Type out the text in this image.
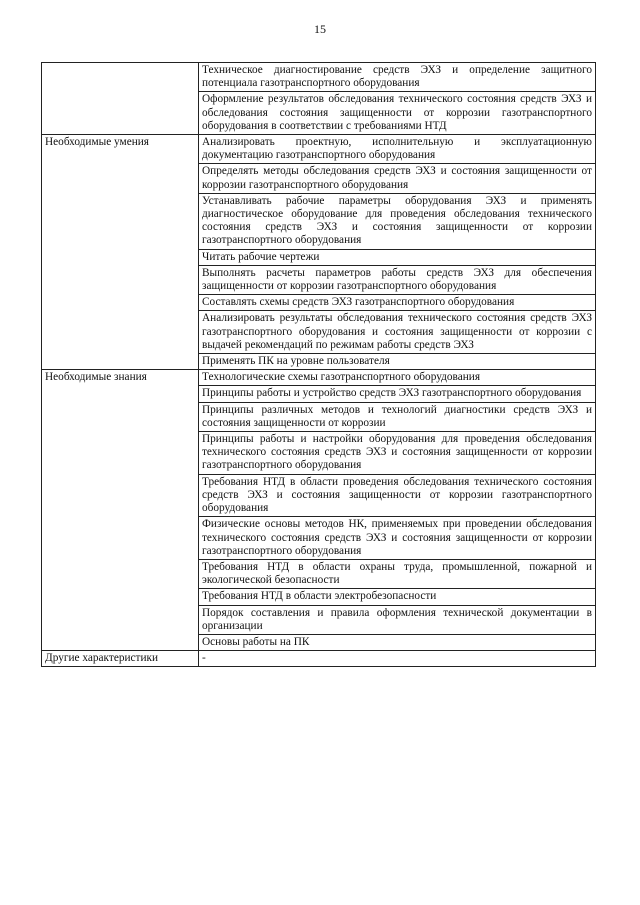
15
	Техническое диагностирование средств ЭХЗ и определение защитного потенциала газотранспортного оборудования
	Оформление результатов обследования технического состояния средств ЭХЗ и обследования состояния защищенности от коррозии газотранспортного оборудования в соответствии с требованиями НТД
Необходимые умения	Анализировать проектную, исполнительную и эксплуатационную документацию газотранспортного оборудования
	Определять методы обследования средств ЭХЗ и состояния защищенности от коррозии газотранспортного оборудования
	Устанавливать рабочие параметры оборудования ЭХЗ и применять диагностическое оборудование для проведения обследования технического состояния средств ЭХЗ и состояния защищенности от коррозии газотранспортного оборудования
	Читать рабочие чертежи
	Выполнять расчеты параметров работы средств ЭХЗ для обеспечения защищенности от коррозии газотранспортного оборудования
	Составлять схемы средств ЭХЗ газотранспортного оборудования
	Анализировать результаты обследования технического состояния средств ЭХЗ газотранспортного оборудования и состояния защищенности от коррозии с выдачей рекомендаций по режимам работы средств ЭХЗ
	Применять ПК на уровне пользователя
Необходимые знания	Технологические схемы газотранспортного оборудования
	Принципы работы и устройство средств ЭХЗ газотранспортного оборудования
	Принципы различных методов и технологий диагностики средств ЭХЗ и состояния защищенности от коррозии
	Принципы работы и настройки оборудования для проведения обследования технического состояния средств ЭХЗ и состояния защищенности от коррозии газотранспортного оборудования
	Требования НТД в области проведения обследования технического состояния средств ЭХЗ и состояния защищенности от коррозии газотранспортного оборудования
	Физические основы методов НК, применяемых при проведении обследования технического состояния средств ЭХЗ и состояния защищенности от коррозии газотранспортного оборудования
	Требования НТД в области охраны труда, промышленной, пожарной и экологической безопасности
	Требования НТД в области электробезопасности
	Порядок составления и правила оформления технической документации в организации
	Основы работы на ПК
Другие характеристики	-
